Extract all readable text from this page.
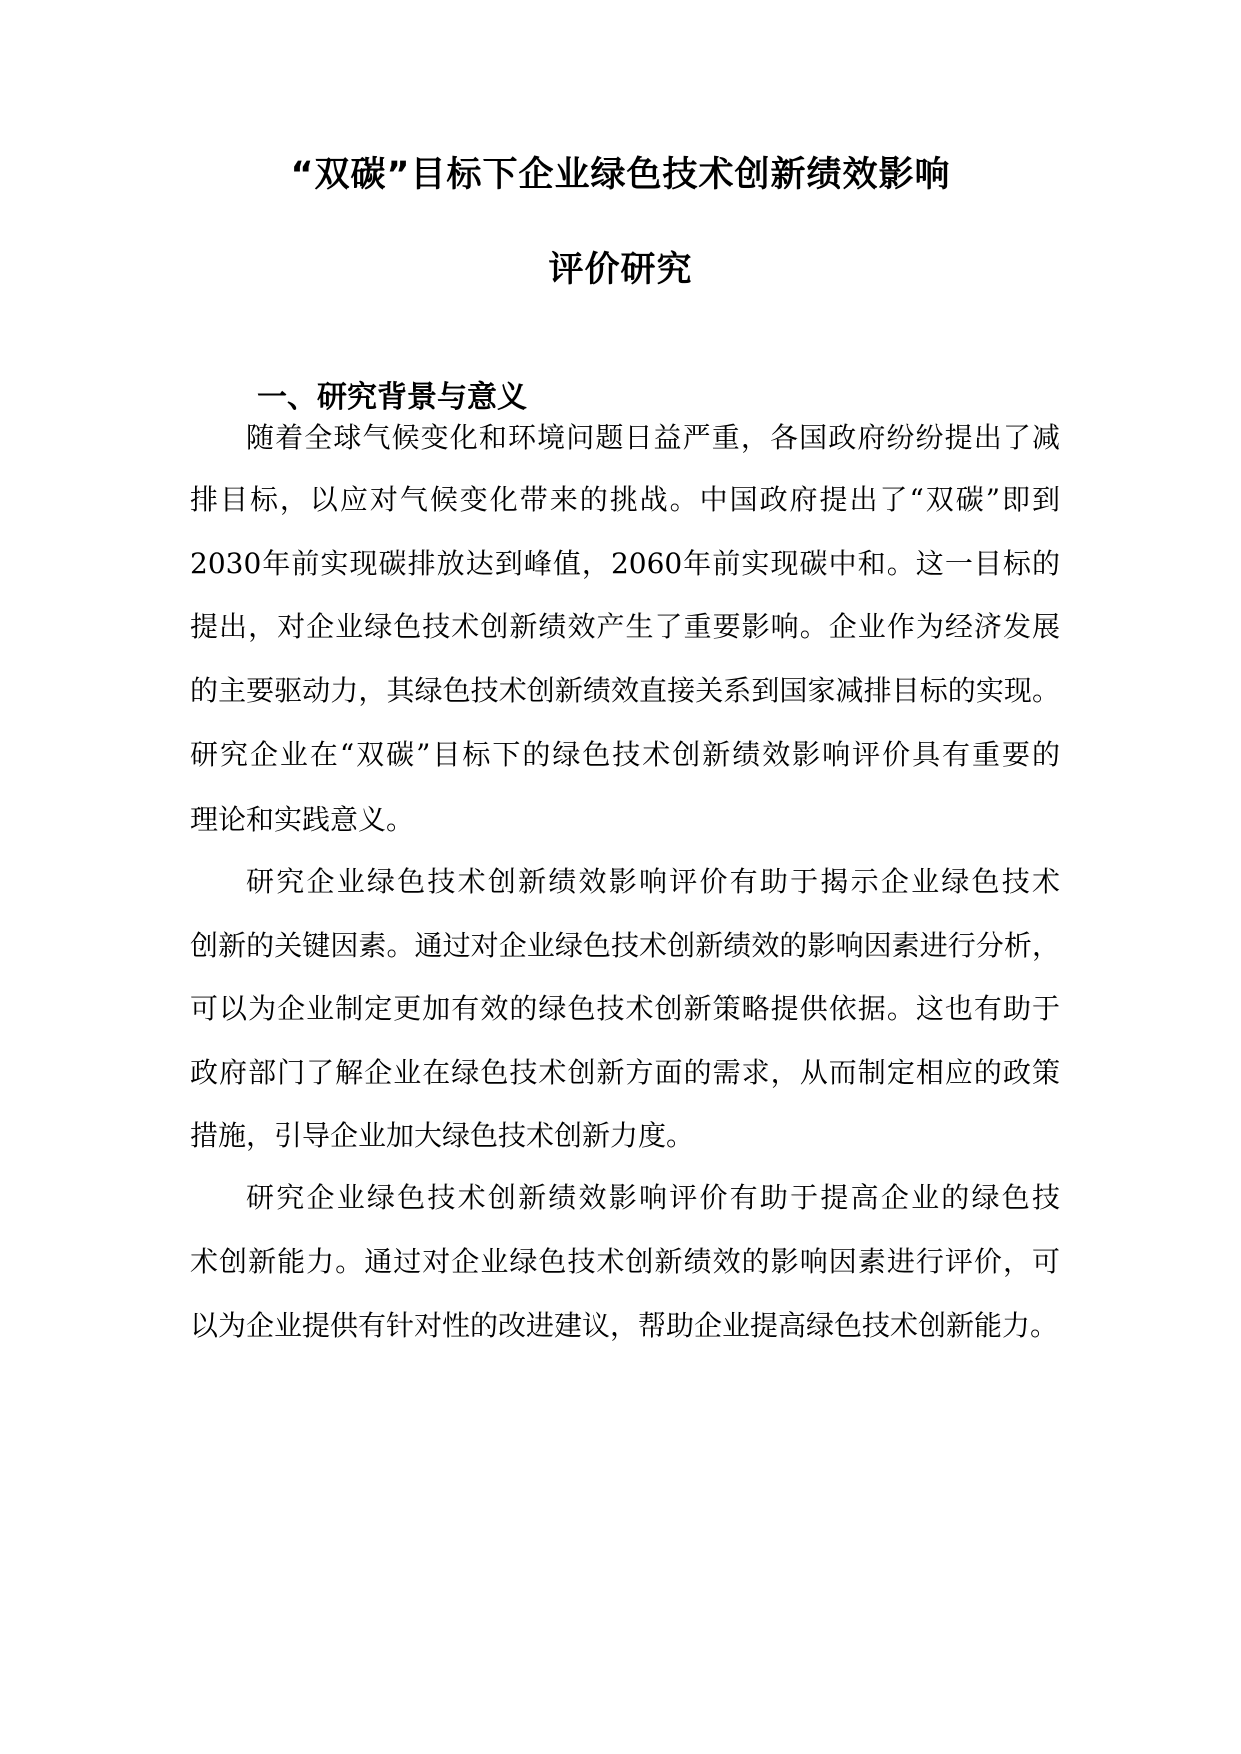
“双碳”目标下企业绿色技术创新绩效影响
评价研究
一、研究背景与意义
随着全球气候变化和环境问题日益严重，各国政府纷纷提出了减
排目标，以应对气候变化带来的挑战。中国政府提出了“双碳”即到
2030年前实现碳排放达到峰值，2060年前实现碳中和。这一目标的
提出，对企业绿色技术创新绩效产生了重要影响。企业作为经济发展
的主要驱动力，其绿色技术创新绩效直接关系到国家减排目标的实现。
研究企业在“双碳”目标下的绿色技术创新绩效影响评价具有重要的
理论和实践意义。
研究企业绿色技术创新绩效影响评价有助于揭示企业绿色技术
创新的关键因素。通过对企业绿色技术创新绩效的影响因素进行分析，
可以为企业制定更加有效的绿色技术创新策略提供依据。这也有助于
政府部门了解企业在绿色技术创新方面的需求，从而制定相应的政策
措施，引导企业加大绿色技术创新力度。
研究企业绿色技术创新绩效影响评价有助于提高企业的绿色技
术创新能力。通过对企业绿色技术创新绩效的影响因素进行评价，可
以为企业提供有针对性的改进建议，帮助企业提高绿色技术创新能力。
